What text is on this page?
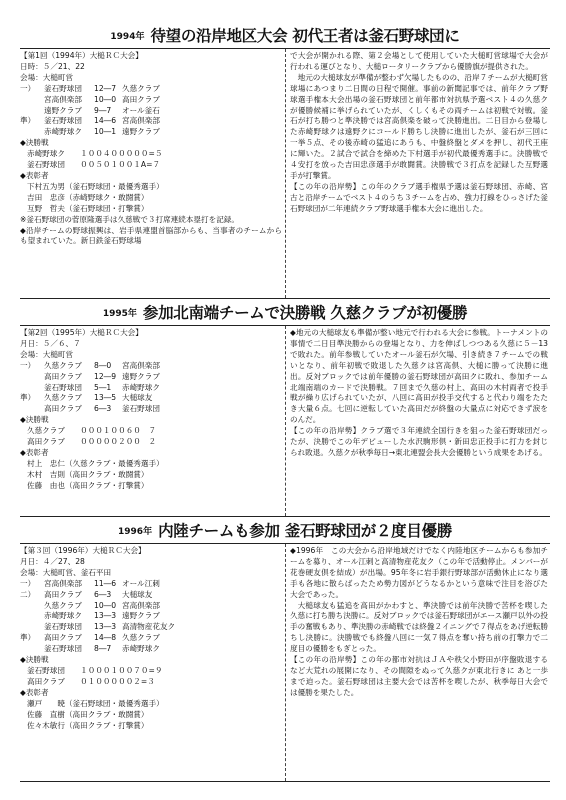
1994年 待望の沿岸地区大会 初代王者は釜石野球団に
【第1回（1994年）大槌ＲＣ大会】
日時：５／21、22
会場：大槌町営
一）	釜石野球団	12―7 久慈クラブ
宮高倶楽部	10―0 高田クラブ
遠野クラブ	9―7	オール釜石
準）	釜石野球団	14―6 宮高倶楽部
赤崎野球ク	10―1 遠野クラブ
◆決勝戦
赤崎野球ク　　１００４０００００=５
釜石野球団　　００５０１００１A=７
◆表彰者
下村五为男（釜石野球団・最優秀選手）
吉田　忠彦（赤崎野球ク・敢闘賞）
互野　哲夫（釜石野球団・打撃賞）

※釜石野球団の菅原隆選手は久慈戦で３打席連続本塁打を記録。

◆沿岸チームの野球振興は、岩手県連盟首脳部からも、当事者のチームからも望まれていた。新日鉄釜石野球場

で大会が開かれる際、第２会場として使用していた大槌町営球場で大会が行われる運びとなり、大槌ロータリークラブから優勝旗が提供された。

地元の大槌球友が準備が整わず欠場したものの、沿岸７チームが大槌町営球場にあつまり二日間の日程で開催。事前の新聞記事では、前年クラブ野球選手権本大会出場の釜石野球団と前年都市対抗県予選ベスト４の久慈クが優勝候補に挙げられていたが、くしくもその両チームは初戦で対戦。釜石が打ち勝つと準決勝では宮高倶楽を破って決勝進出。二日目から登場した赤崎野球クは遠野クにコールド勝ちし決勝に進出したが、釜石が三回に一挙５点、その後赤崎の猛追にあうも、中盤終盤とダメを押し、初代王座に輝いた。２試合で試合を締めた下村選手が初代最優秀選手に。決勝戦で４安打を放った吉田忠彦選手が敢闘賞。決勝戦で３打点を記録した互野選手が打撃賞。

【この年の沿岸勢】この年のクラブ選手権県予選は釜石野球団、赤崎、宮古と沿岸チームでベスト４のうち３チームを占め、強力打線をひっさげた釜石野球団が二年連続クラブ野球選手権本大会に進出した。

1995年 参加北南端チームで決勝戦 久慈クラブが初優勝
【第2回（1995年）大槌ＲＣ大会】
月日：５／６、７
会場：大槌町営
一）	久慈クラブ	8―0	宮高倶楽部
高田クラブ	12―9 遠野クラブ
釜石野球団	5―1	赤崎野球ク
準）	久慈クラブ	13―5 大槌球友
高田クラブ	6―3	釜石野球団
◆決勝戦
久慈クラブ　　０００１００６０　７
高田クラブ　　０００００２００　２
◆表彰者
村上　忠仁（久慈クラブ・最優秀選手）
木村　吉則（高田クラブ・敢闘賞）
佐藤　由也（高田クラブ・打撃賞）

◆地元の大槌球友も準備が整い地元で行われる大会に参戦。トーナメントの事情で二日目準決勝からの登場となり、力を伸ばしつつある久慈に５－13で敗れた。前年参戦していたオール釜石が欠場、引き続き７チームでの戦いとなり、前年初戦で敗退した久慈クは宮高倶、大槌に勝って決勝に進出。反対ブロックでは前年優勝の釜石野球団が高田クに敗れ、参加チーム北端南端のカードで決勝戦。７回まで久慈の村上、高田の木村両者で投手戦が繰り広げられていたが、八回に高田が投手交代すると代わり端をたたき大量６点。七回に逆転していた高田だが終盤の大量点に対応できず涙をのんだ。

【この年の沿岸勢】クラブ選で３年連続全国行きを狙った釜石野球団だったが、決勝でこの年デビューした水沢駒形倶・新田忠正投手に打力を封じられ敗退。久慈クが秋季毎日→東北連盟会長大会優勝という成果をあげる。

1996年 内陸チームも参加 釜石野球団が２度目優勝
【第３回（1996年）大槌ＲＣ大会】
月日：４／27、28
会場：大槌町営、釜石平田
一）	宮高倶楽部	11―6 オール江刺
二）	高田クラブ	6―3	大槌球友
久慈クラブ	10―0 宮高倶楽部
赤崎野球ク	13―3 遠野クラブ
釜石野球団	13―3 高清物産花友ク
準）	高田クラブ	14―8 久慈クラブ
釜石野球団	8―7	赤崎野球ク
◆決勝戦
釜石野球団　　１０００１００７０=９
高田クラブ　　０１０００００２=３
◆表彰者
瀬戸　　暁（釜石野球団・最優秀選手）
佐藤　直樹（高田クラブ・敢闘賞）
佐々木敏行（高田クラブ・打撃賞）

◆1996年　この大会から沿岸地域だけでなく内陸地区チームからも参加チームを募り、オール江刺と高清物産花友ク（この年で活動停止。メンバーが花巻硬友倶を結成）が出場。95年冬に岩手銀行野球部が活動休止になり選手も各地に散らばったため勢力図がどうなるかという意味で注目を浴びた大会であった。

大槌球友も猛追を高田がかわすと、準決勝では前年決勝で苦杯を喫した久慈に打ち勝ち決勝に。反対ブロックでは釜石野球団がエース瀬戸以外の投手の奮戦もあり、準決勝の赤崎戦では終盤２イニングで７得点をあげ逆転勝ちし決勝に。決勝戦でも終盤八回に一気７得点を奪い持ち前の打撃力で二度目の優勝をもぎとった。

【この年の沿岸勢】この年の都市対抗はＪＡや秩父小野田が序盤敗退するなど大荒れの展開になり、その間隙をぬって久慈クが東北行きに あと一歩まで迫った。釜石野球団は主要大会では苦杯を喫したが、秋季毎日大会では優勝を果たした。
